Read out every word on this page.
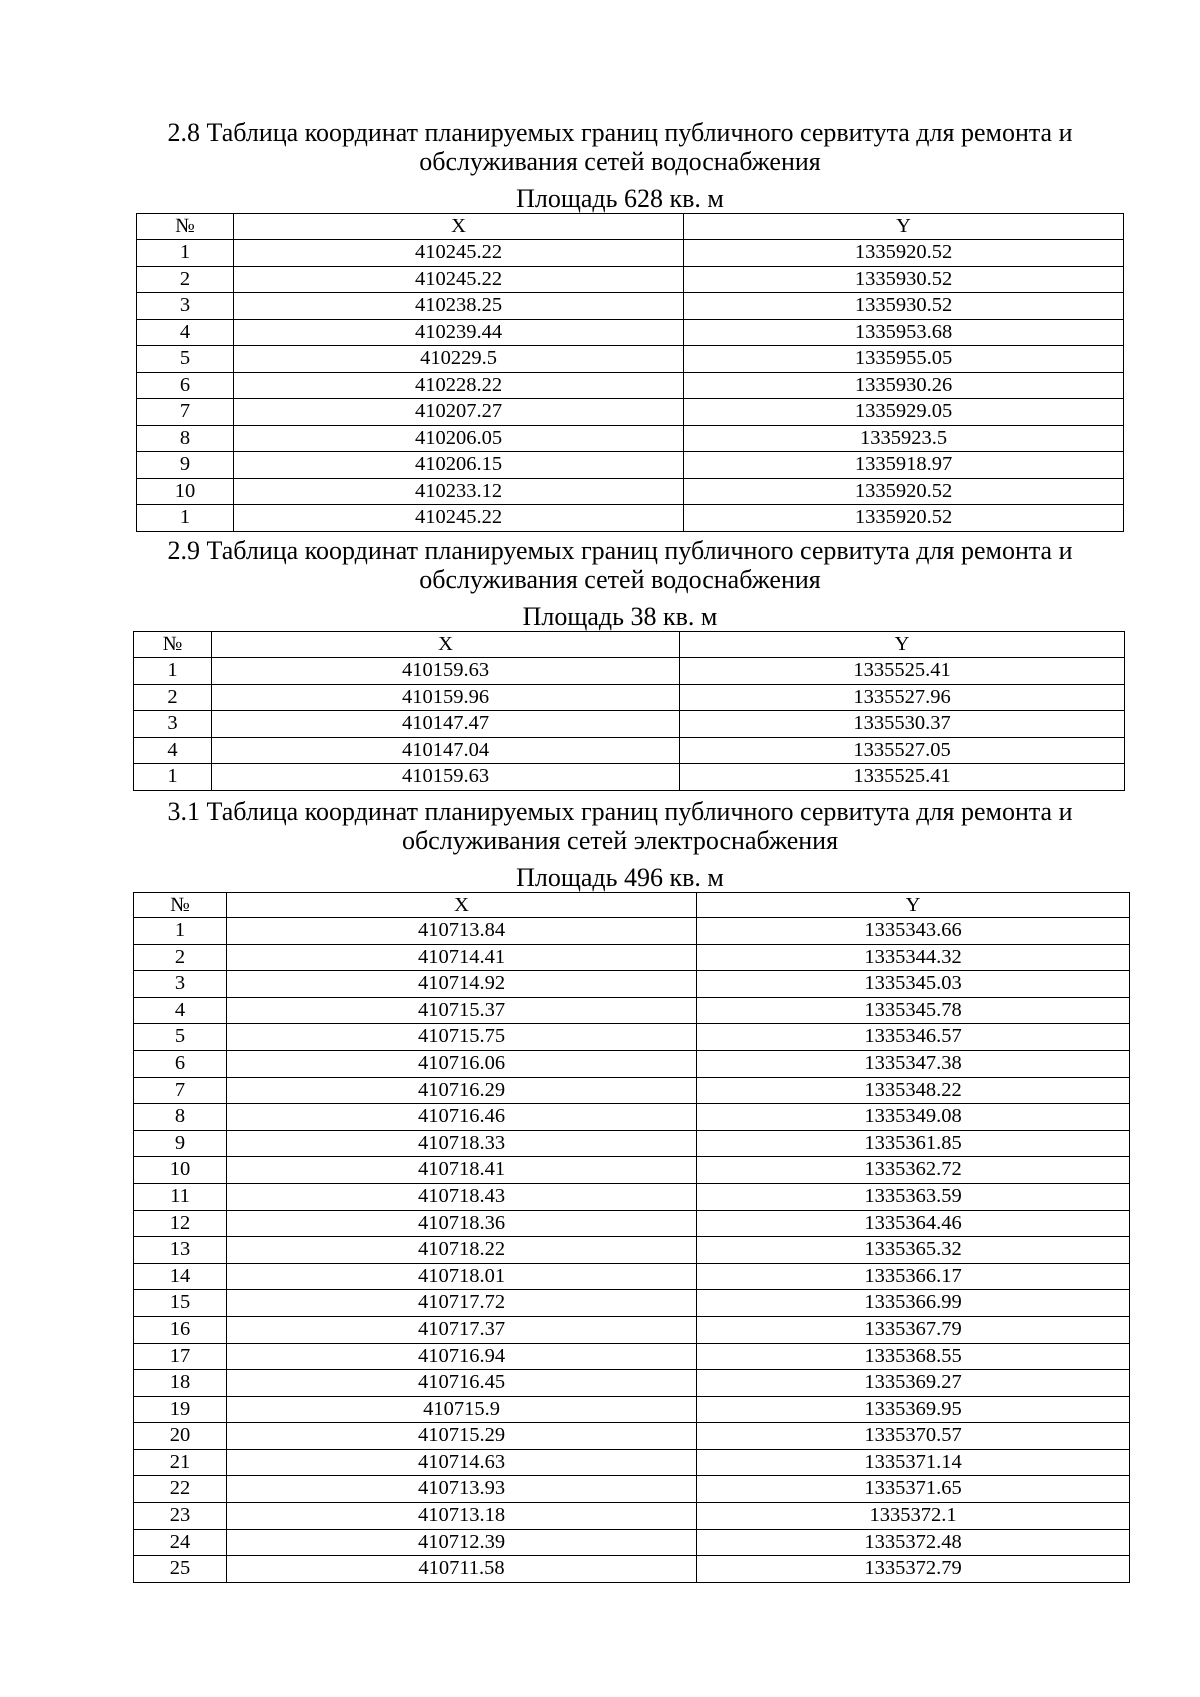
2.8 Таблица координат планируемых границ публичного сервитута для ремонта и
обслуживания сетей водоснабжения
Площадь 628 кв. м
№	X	Y
1	410245.22	1335920.52
2	410245.22	1335930.52
3	410238.25	1335930.52
4	410239.44	1335953.68
5	410229.5	1335955.05
6	410228.22	1335930.26
7	410207.27	1335929.05
8	410206.05	1335923.5
9	410206.15	1335918.97
10	410233.12	1335920.52
1	410245.22	1335920.52
2.9 Таблица координат планируемых границ публичного сервитута для ремонта и
обслуживания сетей водоснабжения
Площадь 38 кв. м
№	X	Y
1	410159.63	1335525.41
2	410159.96	1335527.96
3	410147.47	1335530.37
4	410147.04	1335527.05
1	410159.63	1335525.41
3.1 Таблица координат планируемых границ публичного сервитута для ремонта и
обслуживания сетей электроснабжения
Площадь 496 кв. м
№	X	Y
1	410713.84	1335343.66
2	410714.41	1335344.32
3	410714.92	1335345.03
4	410715.37	1335345.78
5	410715.75	1335346.57
6	410716.06	1335347.38
7	410716.29	1335348.22
8	410716.46	1335349.08
9	410718.33	1335361.85
10	410718.41	1335362.72
11	410718.43	1335363.59
12	410718.36	1335364.46
13	410718.22	1335365.32
14	410718.01	1335366.17
15	410717.72	1335366.99
16	410717.37	1335367.79
17	410716.94	1335368.55
18	410716.45	1335369.27
19	410715.9	1335369.95
20	410715.29	1335370.57
21	410714.63	1335371.14
22	410713.93	1335371.65
23	410713.18	1335372.1
24	410712.39	1335372.48
25	410711.58	1335372.79
